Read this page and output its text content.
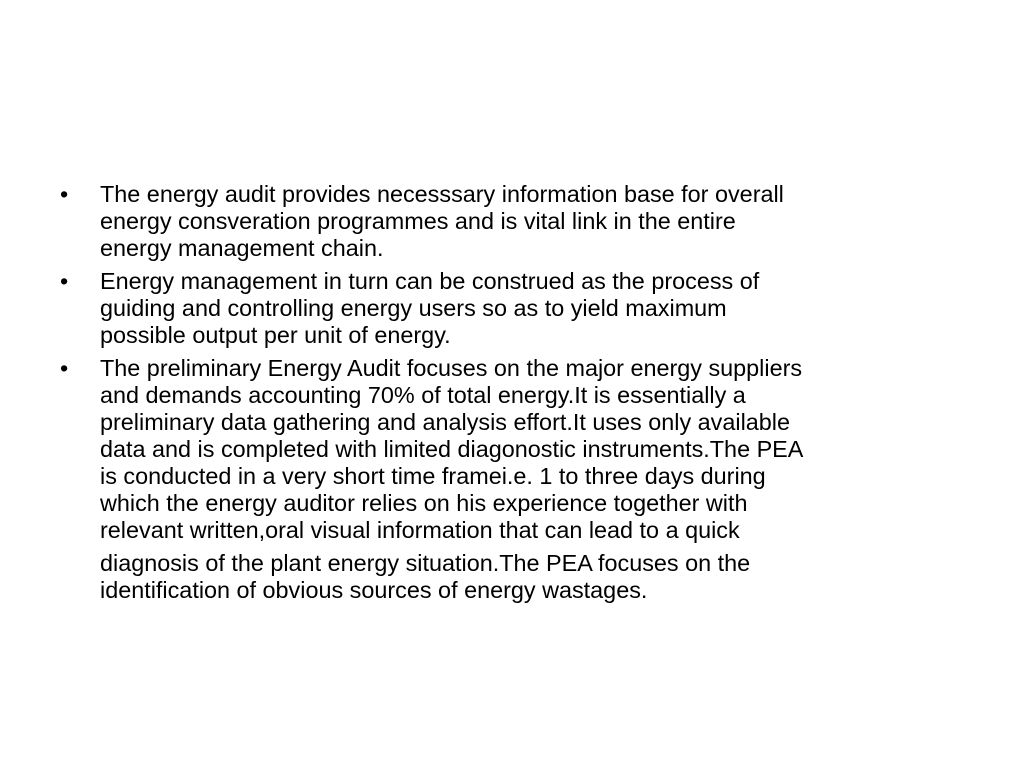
•	The energy audit provides necesssary information base for overall
energy consveration programmes and is vital link in the entire
energy management chain.
•	Energy management in turn can be construed as the process of
guiding and controlling energy users so as to yield maximum
possible output per unit of energy.
•	The preliminary Energy Audit focuses on the major energy suppliers
and demands accounting 70% of total energy.It is essentially a
preliminary data gathering and analysis effort.It uses only available
data and is completed with limited diagonostic instruments.The PEA
is conducted in a very short time framei.e. 1 to three days during
which the energy auditor relies on his experience together with
relevant written,oral visual information that can lead to a quick
diagnosis of the plant energy situation.The PEA focuses on the
identification of obvious sources of energy wastages.
